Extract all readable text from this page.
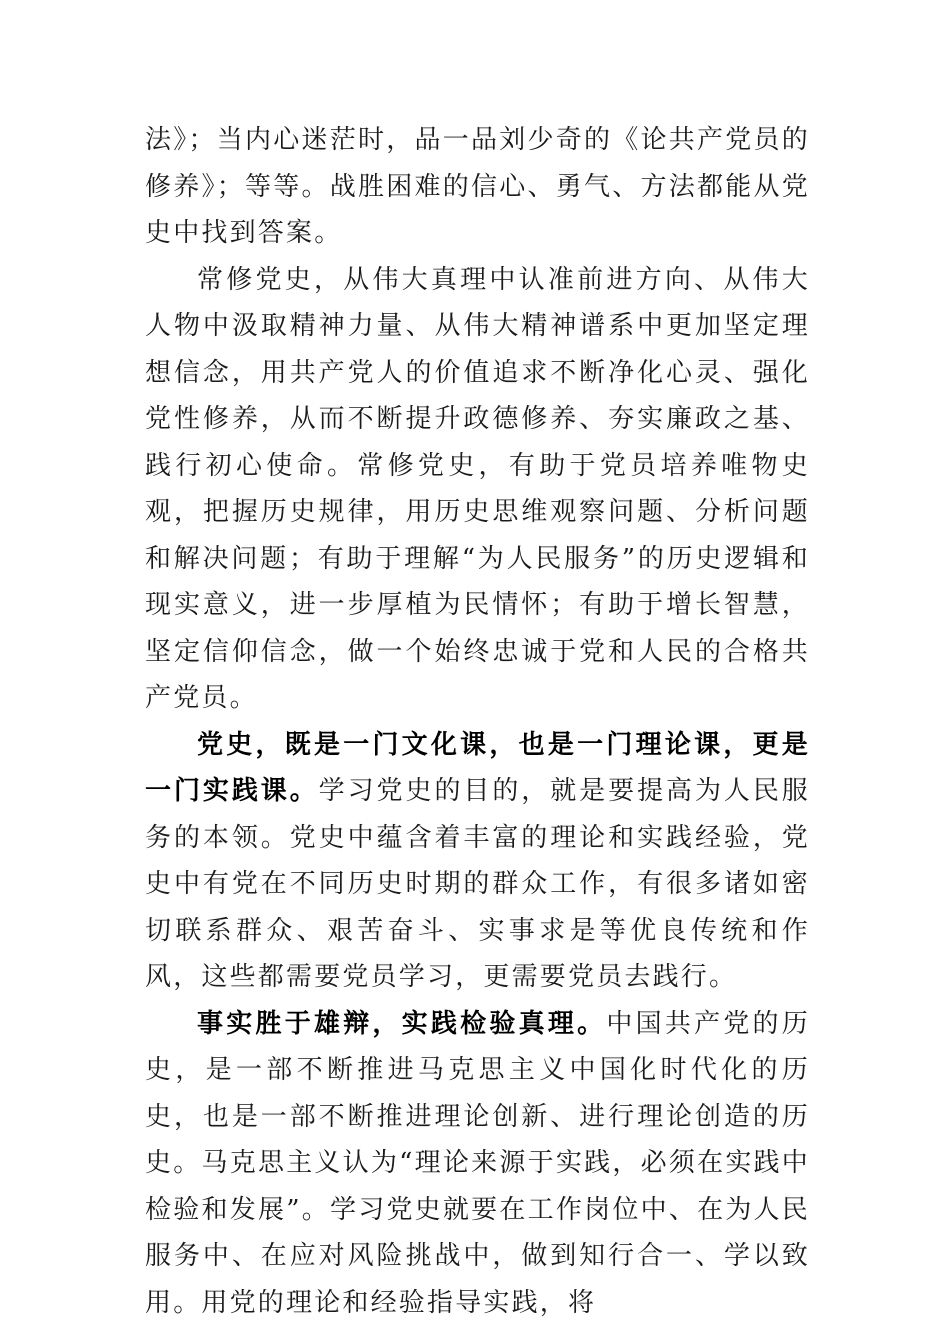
法》；当内心迷茫时，品一品刘少奇的《论共产党员的修养》；等等。战胜困难的信心、勇气、方法都能从党史中找到答案。

常修党史，从伟大真理中认准前进方向、从伟大人物中汲取精神力量、从伟大精神谱系中更加坚定理想信念，用共产党人的价值追求不断净化心灵、强化党性修养，从而不断提升政德修养、夯实廉政之基、践行初心使命。常修党史，有助于党员培养唯物史观，把握历史规律，用历史思维观察问题、分析问题和解决问题；有助于理解“为人民服务”的历史逻辑和现实意义，进一步厚植为民情怀；有助于增长智慧，坚定信仰信念，做一个始终忠诚于党和人民的合格共产党员。

党史，既是一门文化课，也是一门理论课，更是一门实践课。学习党史的目的，就是要提高为人民服务的本领。党史中蕴含着丰富的理论和实践经验，党史中有党在不同历史时期的群众工作，有很多诸如密切联系群众、艰苦奋斗、实事求是等优良传统和作风，这些都需要党员学习，更需要党员去践行。

事实胜于雄辩，实践检验真理。中国共产党的历史，是一部不断推进马克思主义中国化时代化的历史，也是一部不断推进理论创新、进行理论创造的历史。马克思主义认为“理论来源于实践，必须在实践中检验和发展”。学习党史就要在工作岗位中、在为人民服务中、在应对风险挑战中，做到知行合一、学以致用。用党的理论和经验指导实践，将
